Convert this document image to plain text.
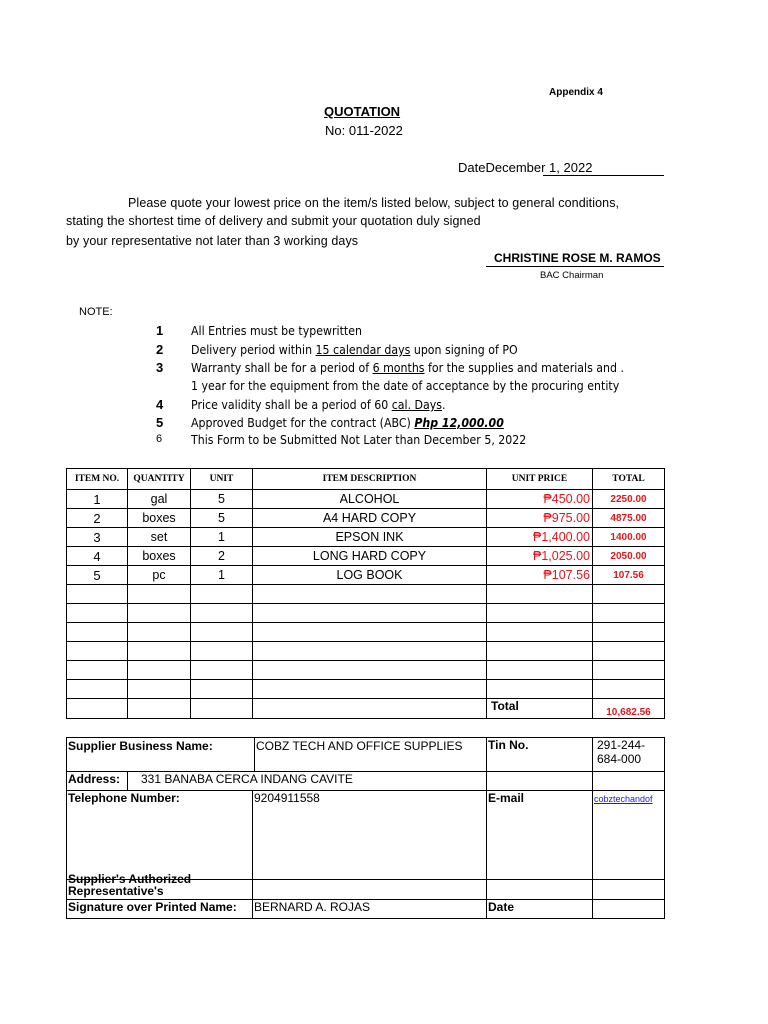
Appendix 4
QUOTATION
No: 011-2022
DateDecember 1, 2022
Please quote your lowest price on the item/s listed below, subject to general conditions,
stating the shortest time of delivery and submit your quotation duly signed
by your representative not later than 3 working days
CHRISTINE ROSE M. RAMOS
BAC Chairman
NOTE:
1 All Entries must be typewritten
2 Delivery period within 15 calendar days upon signing of PO
3 Warranty shall be for a period of 6 months for the supplies and materials and .
1 year for the equipment from the date of acceptance by the procuring entity
4 Price validity shall be a period of 60 cal. Days.
5 Approved Budget for the contract (ABC) Php 12,000.00
6 This Form to be Submitted Not Later than December 5, 2022
ITEM NO.	QUANTITY	UNIT	ITEM DESCRIPTION	UNIT PRICE	TOTAL
1	gal	5	ALCOHOL	₱450.00	2250.00
2	boxes	5	A4 HARD COPY	₱975.00	4875.00
3	set	1	EPSON INK	₱1,400.00	1400.00
4	boxes	2	LONG HARD COPY	₱1,025.00	2050.00
5	pc	1	LOG BOOK	₱107.56	107.56

				Total	10,682.56
Supplier Business Name: COBZ TECH AND OFFICE SUPPLIES			Tin No.	291-244-684-000
Address:	331 BANABA CERCA INDANG CAVITE			
Telephone Number:		9204911558	E-mail	cobztechandof

Supplier's Authorized
Representative's				

Signature over Printed Name:		BERNARD A. ROJAS	Date	
